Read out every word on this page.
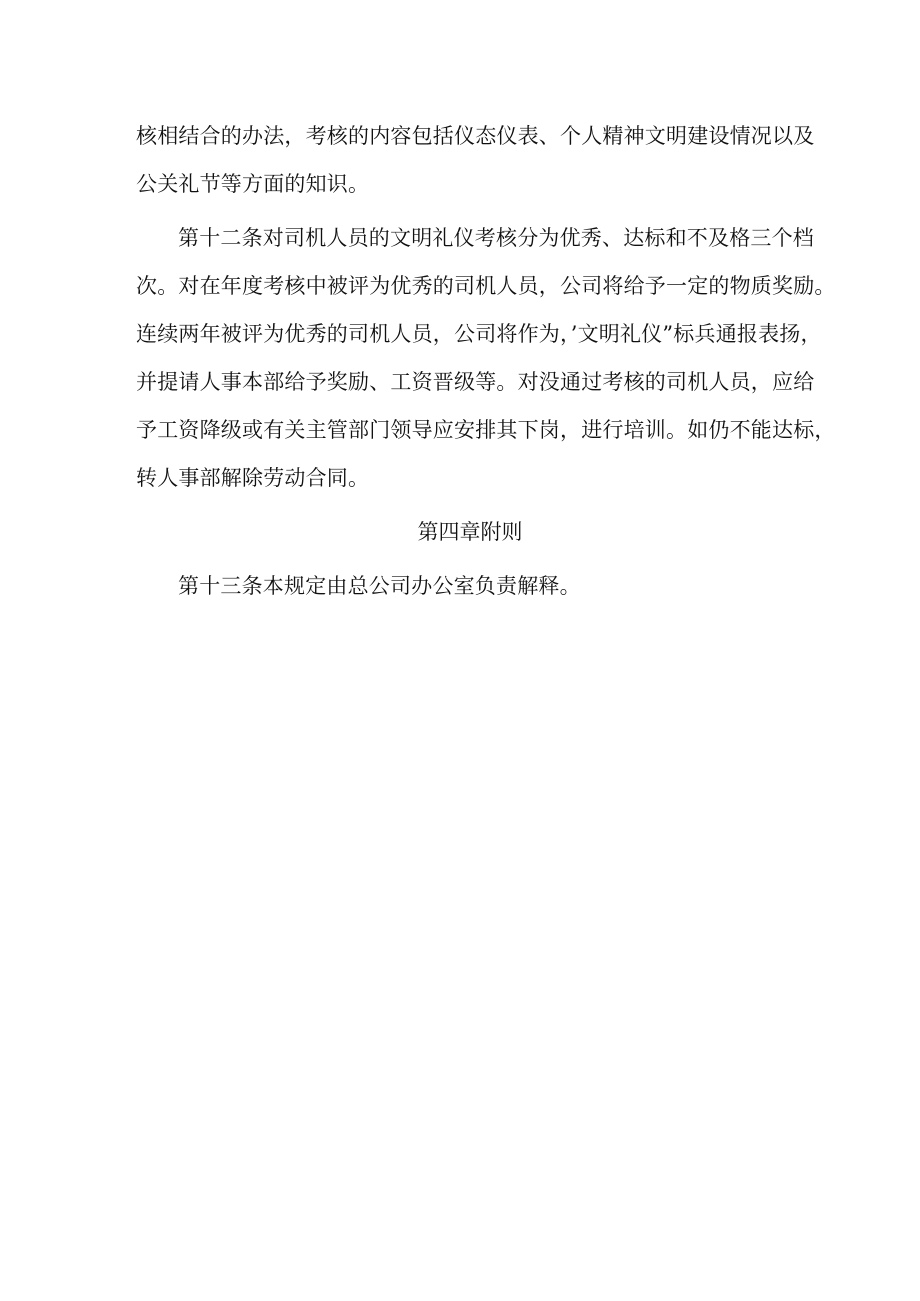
核相结合的办法，考核的内容包括仪态仪表、个人精神文明建设情况以及
公关礼节等方面的知识。
第十二条对司机人员的文明礼仪考核分为优秀、达标和不及格三个档
次。对在年度考核中被评为优秀的司机人员，公司将给予一定的物质奖励。
连续两年被评为优秀的司机人员，公司将作为，’文明礼仪”标兵通报表扬，
并提请人事本部给予奖励、工资晋级等。对没通过考核的司机人员，应给
予工资降级或有关主管部门领导应安排其下岗，进行培训。如仍不能达标，
转人事部解除劳动合同。
第四章附则
第十三条本规定由总公司办公室负责解释。
